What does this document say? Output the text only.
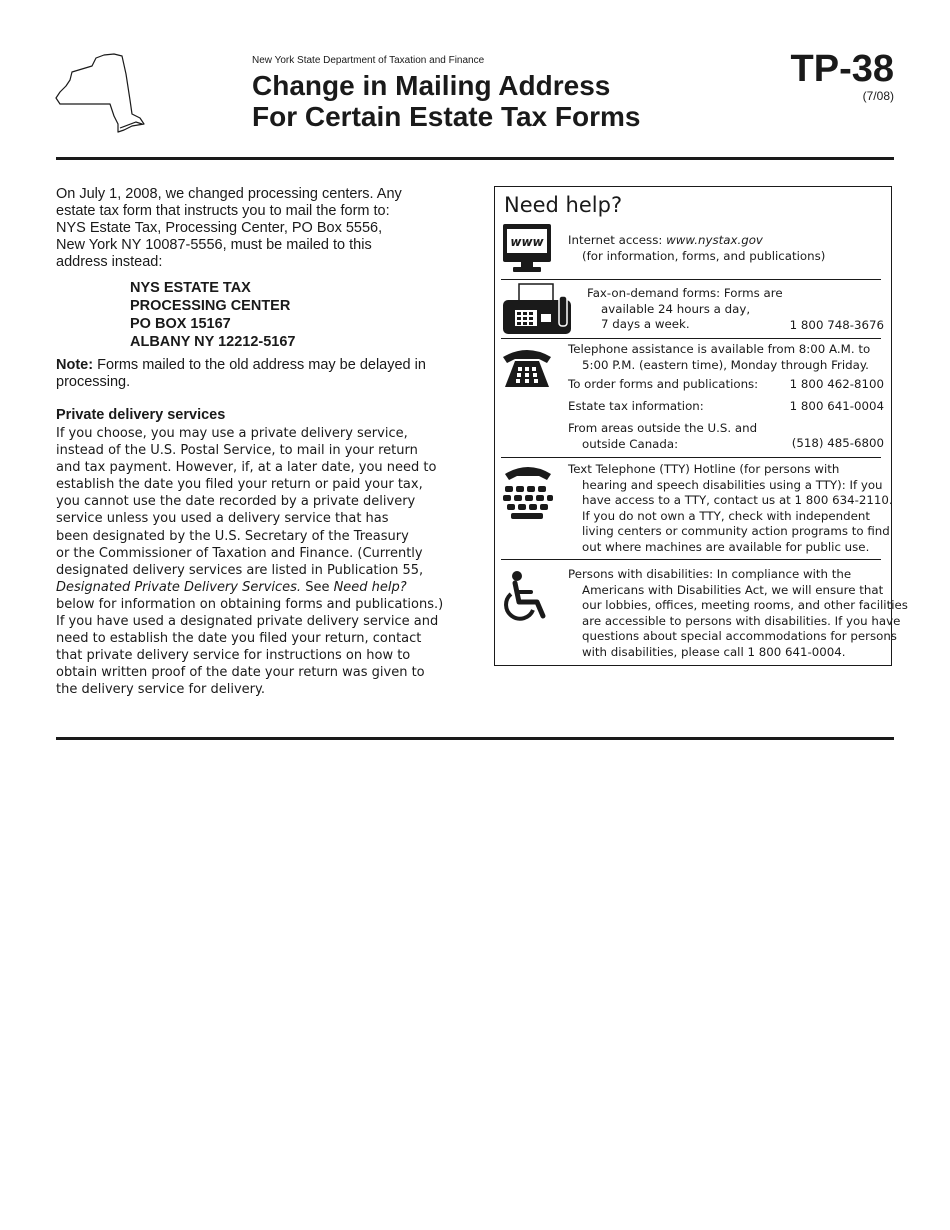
New York State Department of Taxation and Finance
Change in Mailing Address
For Certain Estate Tax Forms
TP-38
(7/08)
On July 1, 2008, we changed processing centers. Any
estate tax form that instructs you to mail the form to:
NYS Estate Tax, Processing Center, PO Box 5556,
New York NY 10087-5556, must be mailed to this
address instead:
NYS ESTATE TAX
PROCESSING CENTER
PO BOX 15167
ALBANY NY 12212-5167
Note: Forms mailed to the old address may be delayed in
processing.
Private delivery services
If you choose, you may use a private delivery service,
instead of the U.S. Postal Service, to mail in your return
and tax payment. However, if, at a later date, you need to
establish the date you filed your return or paid your tax,
you cannot use the date recorded by a private delivery
service unless you used a delivery service that has
been designated by the U.S. Secretary of the Treasury
or the Commissioner of Taxation and Finance. (Currently
designated delivery services are listed in Publication 55,
Designated Private Delivery Services. See Need help?
below for information on obtaining forms and publications.)
If you have used a designated private delivery service and
need to establish the date you filed your return, contact
that private delivery service for instructions on how to
obtain written proof of the date your return was given to
the delivery service for delivery.
Need help?
www Internet access: www.nystax.gov
(for information, forms, and publications)
Fax-on-demand forms: Forms are
available 24 hours a day,
7 days a week.	1 800 748-3676
Telephone assistance is available from 8:00 A.M. to
5:00 P.M. (eastern time), Monday through Friday.
To order forms and publications:	1 800 462-8100
Estate tax information:	1 800 641-0004
From areas outside the U.S. and
outside Canada:	(518) 485-6800
Text Telephone (TTY) Hotline (for persons with
hearing and speech disabilities using a TTY): If you
have access to a TTY, contact us at 1 800 634-2110.
If you do not own a TTY, check with independent
living centers or community action programs to find
out where machines are available for public use.
Persons with disabilities: In compliance with the
Americans with Disabilities Act, we will ensure that
our lobbies, offices, meeting rooms, and other facilities
are accessible to persons with disabilities. If you have
questions about special accommodations for persons
with disabilities, please call 1 800 641-0004.
